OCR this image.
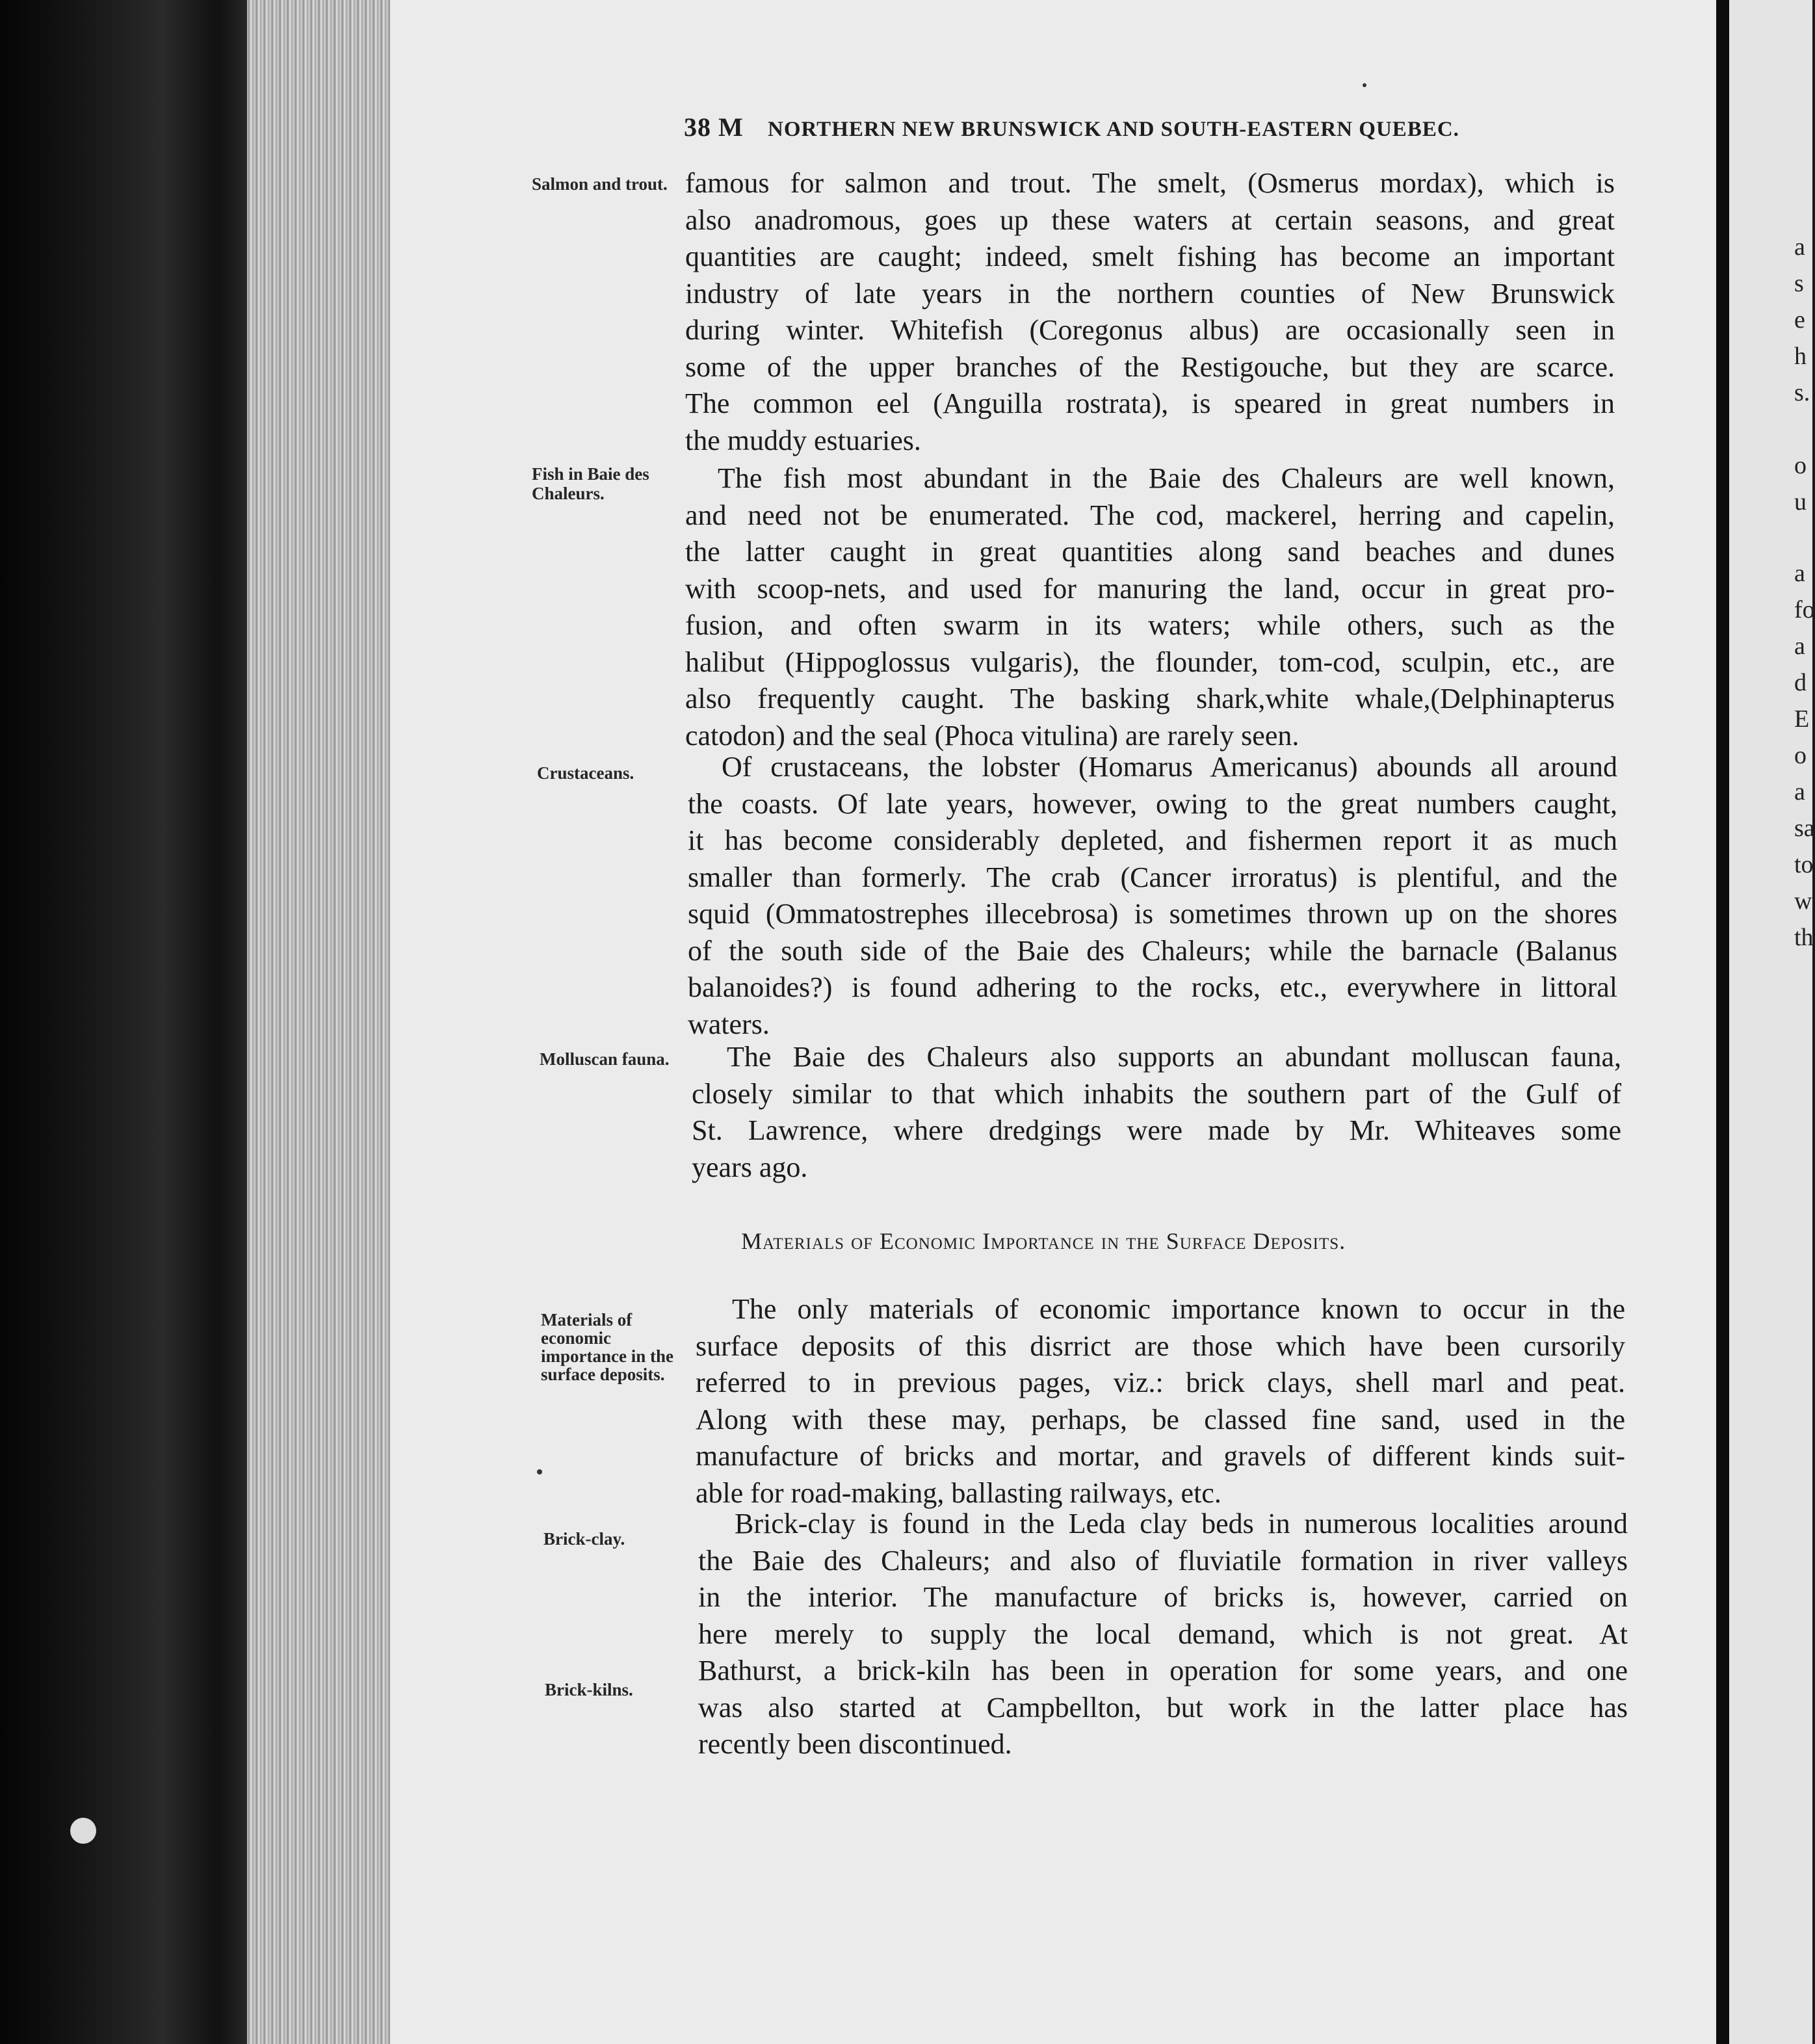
38 M NORTHERN NEW BRUNSWICK AND SOUTH-EASTERN QUEBEC.
Salmon and trout.
Fish in Baie des Chaleurs.
Crustaceans.
Molluscan fauna.
Materials of economic importance in the surface deposits.
Brick-clay.
Brick-kilns.
famous for salmon and trout. The smelt, (Osmerus mordax), which is
also anadromous, goes up these waters at certain seasons, and great
quantities are caught; indeed, smelt fishing has become an important
industry of late years in the northern counties of New Brunswick
during winter. Whitefish (Coregonus albus) are occasionally seen in
some of the upper branches of the Restigouche, but they are scarce.
The common eel (Anguilla rostrata), is speared in great numbers in
the muddy estuaries.
The fish most abundant in the Baie des Chaleurs are well known,
and need not be enumerated. The cod, mackerel, herring and capelin,
the latter caught in great quantities along sand beaches and dunes
with scoop-nets, and used for manuring the land, occur in great pro-
fusion, and often swarm in its waters; while others, such as the
halibut (Hippoglossus vulgaris), the flounder, tom-cod, sculpin, etc., are
also frequently caught. The basking shark,white whale,(Delphinapterus
catodon) and the seal (Phoca vitulina) are rarely seen.
Of crustaceans, the lobster (Homarus Americanus) abounds all around
the coasts. Of late years, however, owing to the great numbers caught,
it has become considerably depleted, and fishermen report it as much
smaller than formerly. The crab (Cancer irroratus) is plentiful, and the
squid (Ommatostrephes illecebrosa) is sometimes thrown up on the shores
of the south side of the Baie des Chaleurs; while the barnacle (Balanus
balanoides?) is found adhering to the rocks, etc., everywhere in littoral
waters.
The Baie des Chaleurs also supports an abundant molluscan fauna,
closely similar to that which inhabits the southern part of the Gulf of
St. Lawrence, where dredgings were made by Mr. Whiteaves some
years ago.
Materials of Economic Importance in the Surface Deposits.
The only materials of economic importance known to occur in the
surface deposits of this disrrict are those which have been cursorily
referred to in previous pages, viz.: brick clays, shell marl and peat.
Along with these may, perhaps, be classed fine sand, used in the
manufacture of bricks and mortar, and gravels of different kinds suit-
able for road-making, ballasting railways, etc.
Brick-clay is found in the Leda clay beds in numerous localities around
the Baie des Chaleurs; and also of fluviatile formation in river valleys
in the interior. The manufacture of bricks is, however, carried on
here merely to supply the local demand, which is not great. At
Bathurst, a brick-kiln has been in operation for some years, and one
was also started at Campbellton, but work in the latter place has
recently been discontinued.
a
s
e
h
s.
o
u
a
fo
a
d
E
o
a
sa
to
w
th
